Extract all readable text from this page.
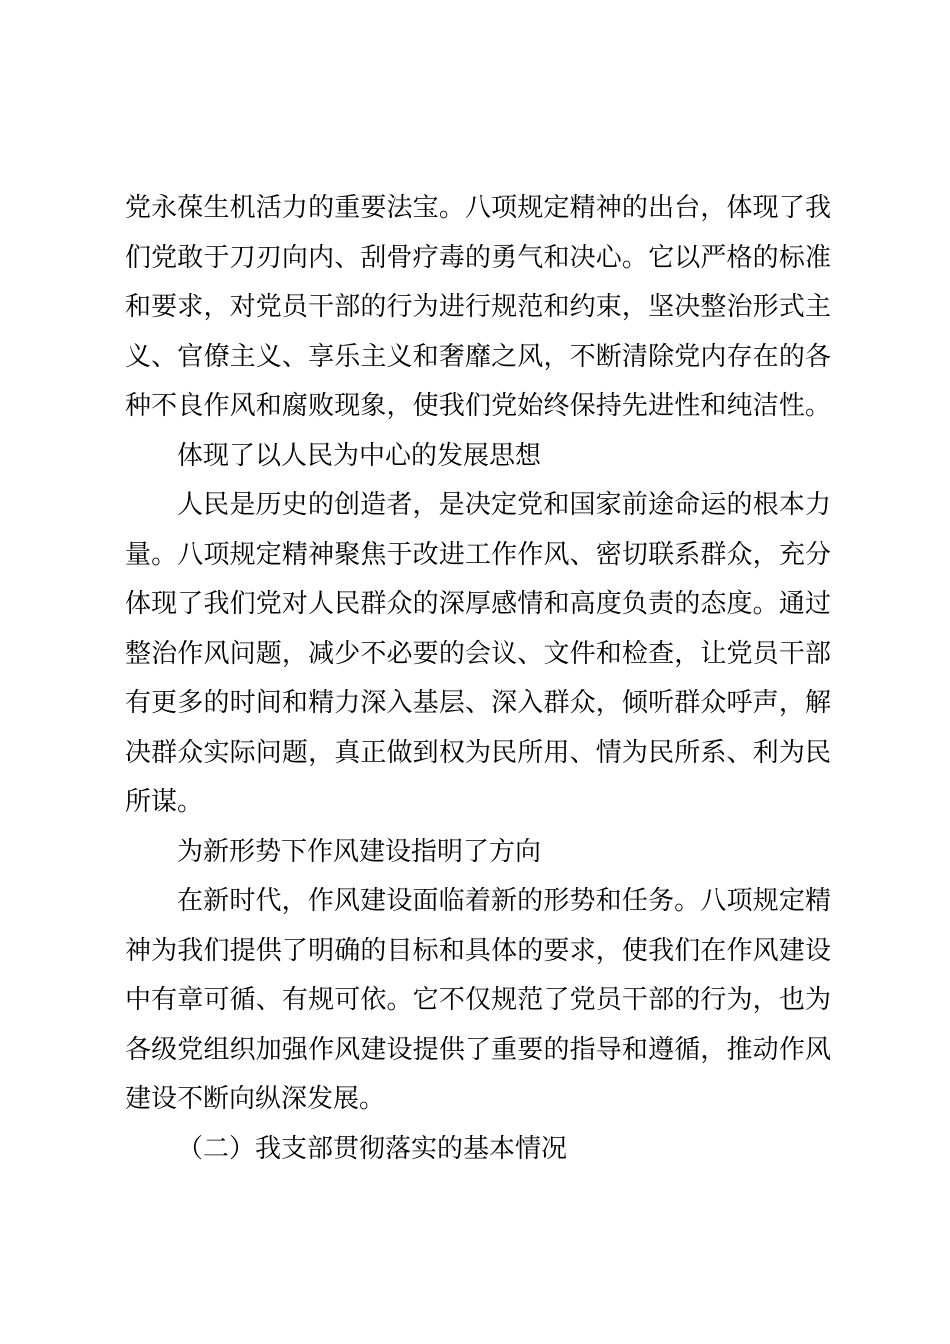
党永葆生机活力的重要法宝。八项规定精神的出台，体现了我
们党敢于刀刃向内、刮骨疗毒的勇气和决心。它以严格的标准
和要求，对党员干部的行为进行规范和约束，坚决整治形式主
义、官僚主义、享乐主义和奢靡之风，不断清除党内存在的各
种不良作风和腐败现象，使我们党始终保持先进性和纯洁性。
体现了以人民为中心的发展思想
人民是历史的创造者，是决定党和国家前途命运的根本力
量。八项规定精神聚焦于改进工作作风、密切联系群众，充分
体现了我们党对人民群众的深厚感情和高度负责的态度。通过
整治作风问题，减少不必要的会议、文件和检查，让党员干部
有更多的时间和精力深入基层、深入群众，倾听群众呼声，解
决群众实际问题，真正做到权为民所用、情为民所系、利为民
所谋。
为新形势下作风建设指明了方向
在新时代，作风建设面临着新的形势和任务。八项规定精
神为我们提供了明确的目标和具体的要求，使我们在作风建设
中有章可循、有规可依。它不仅规范了党员干部的行为，也为
各级党组织加强作风建设提供了重要的指导和遵循，推动作风
建设不断向纵深发展。
（二）我支部贯彻落实的基本情况
